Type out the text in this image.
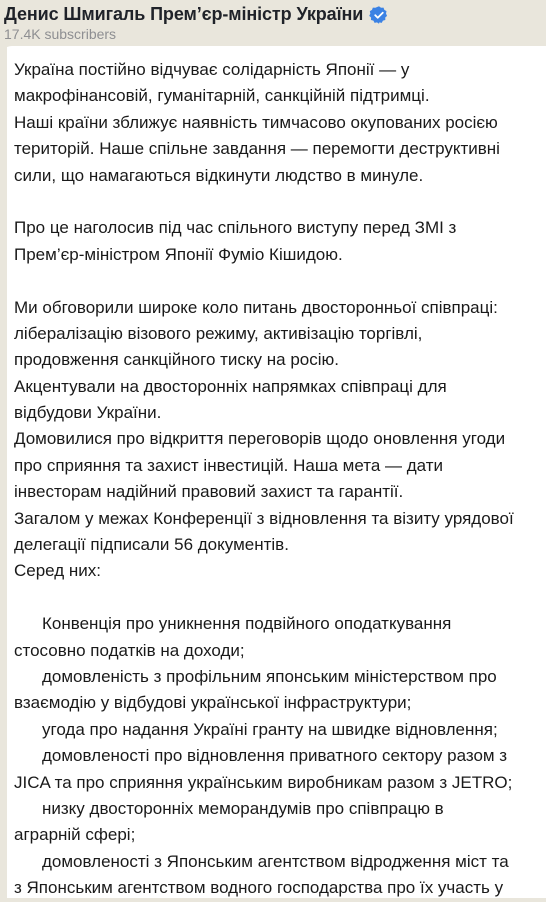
Денис Шмигаль Прем’єр-міністр України
17.4K subscribers
Україна постійно відчуває солідарність Японії — у
макрофінансовій, гуманітарній, санкційній підтримці.
Наші країни зближує наявність тимчасово окупованих росією
територій. Наше спільне завдання — перемогти деструктивні
сили, що намагаються відкинути людство в минуле.
Про це наголосив під час спільного виступу перед ЗМІ з
Прем’єр-міністром Японії Фуміо Кішидою.
Ми обговорили широке коло питань двосторонньої співпраці:
лібералізацію візового режиму, активізацію торгівлі,
продовження санкційного тиску на росію.
Акцентували на двосторонніх напрямках співпраці для
відбудови України.
Домовилися про відкриття переговорів щодо оновлення угоди
про сприяння та захист інвестицій. Наша мета — дати
інвесторам надійний правовий захист та гарантії.
Загалом у межах Конференції з відновлення та візиту урядової
делегації підписали 56 документів.
Серед них:
Конвенція про уникнення подвійного оподаткування
стосовно податків на доходи;
домовленість з профільним японським міністерством про
взаємодію у відбудові української інфраструктури;
угода про надання Україні гранту на швидке відновлення;
домовленості про відновлення приватного сектору разом з
JICA та про сприяння українським виробникам разом з JETRO;
низку двосторонніх меморандумів про співпрацю в
аграрній сфері;
домовленості з Японським агентством відродження міст та
з Японським агентством водного господарства про їх участь у
